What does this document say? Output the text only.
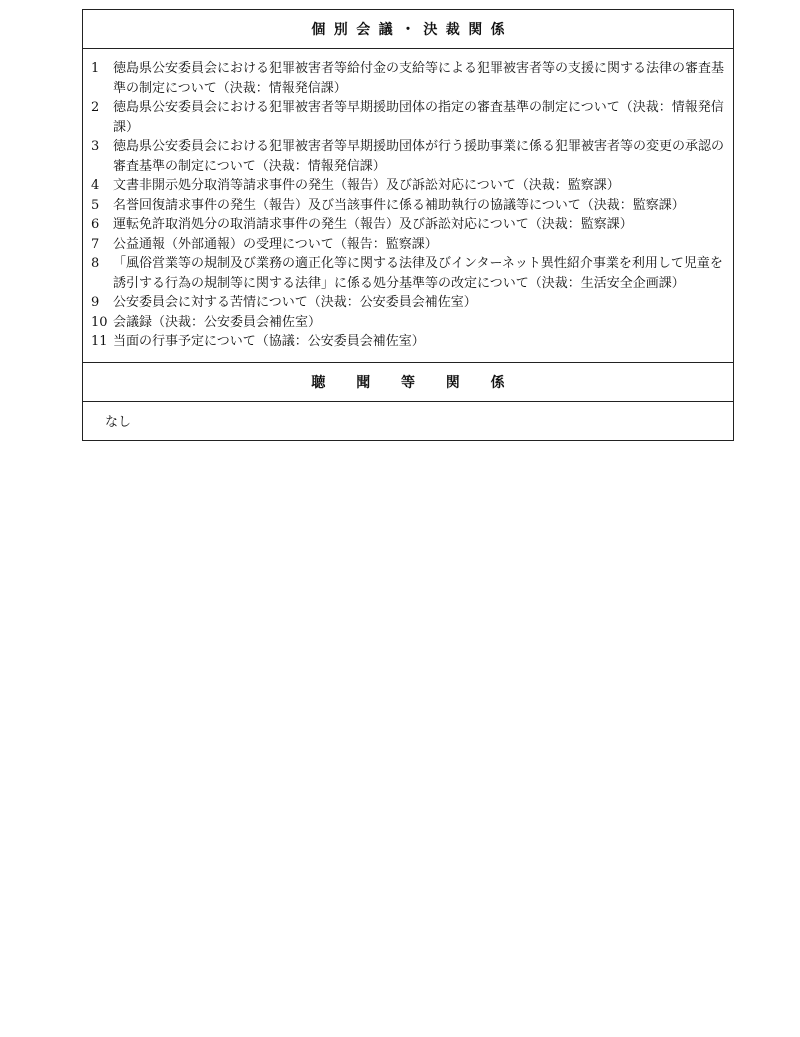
個別会議・決裁関係
1	徳島県公安委員会における犯罪被害者等給付金の支給等による犯罪被害者等の支援に関する法律の審査基準の制定について（決裁：情報発信課）
2	徳島県公安委員会における犯罪被害者等早期援助団体の指定の審査基準の制定について（決裁：情報発信課）
3	徳島県公安委員会における犯罪被害者等早期援助団体が行う援助事業に係る犯罪被害者等の変更の承認の審査基準の制定について（決裁：情報発信課）
4	文書非開示処分取消等請求事件の発生（報告）及び訴訟対応について（決裁：監察課）
5	名誉回復請求事件の発生（報告）及び当該事件に係る補助執行の協議等について（決裁：監察課）
6	運転免許取消処分の取消請求事件の発生（報告）及び訴訟対応について（決裁：監察課）
7	公益通報（外部通報）の受理について（報告：監察課）
8	「風俗営業等の規制及び業務の適正化等に関する法律及びインターネット異性紹介事業を利用して児童を誘引する行為の規制等に関する法律」に係る処分基準等の改定について（決裁：生活安全企画課）
9	公安委員会に対する苦情について（決裁：公安委員会補佐室）
10 会議録（決裁：公安委員会補佐室）
11 当面の行事予定について（協議：公安委員会補佐室）
聴聞等関係
なし
